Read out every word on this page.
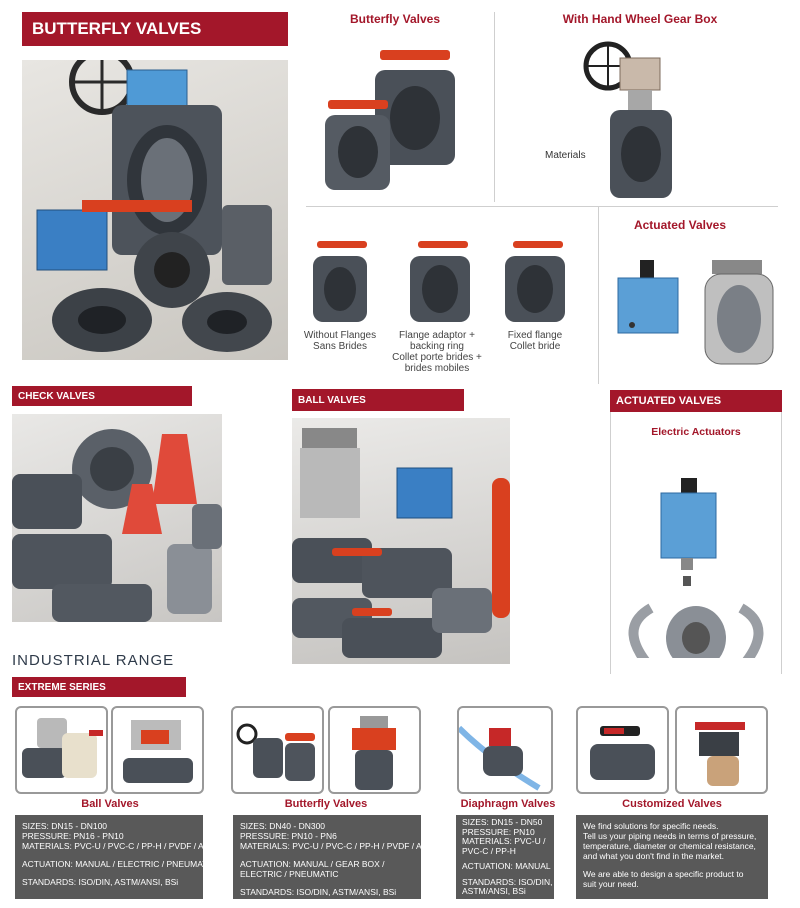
BUTTERFLY VALVES	Butterfly Valves	With Hand Wheel Gear Box
Materials
Without Flanges
Sans Brides
Flange adaptor +
backing ring
Collet porte brides +
brides mobiles
Fixed flange
Collet bride
Actuated Valves
CHECK VALVES	BALL VALVES	ACTUATED VALVES
Electric Actuators
INDUSTRIAL RANGE
EXTREME SERIES
Ball Valves
SIZES: DN15 - DN100
PRESSURE: PN16 - PN10
MATERIALS: PVC-U / PVC-C / PP-H / PVDF / ABS
ACTUATION: MANUAL / ELECTRIC / PNEUMATIC
STANDARDS: ISO/DIN, ASTM/ANSI, BSi
Butterfly Valves
SIZES: DN40 - DN300
PRESSURE: PN10 - PN6
MATERIALS: PVC-U / PVC-C / PP-H / PVDF / ABS
ACTUATION: MANUAL / GEAR BOX /
ELECTRIC / PNEUMATIC
STANDARDS: ISO/DIN, ASTM/ANSI, BSi
Diaphragm Valves
SIZES: DN15 - DN50
PRESSURE: PN10
MATERIALS: PVC-U /
PVC-C / PP-H
ACTUATION: MANUAL
STANDARDS: ISO/DIN,
ASTM/ANSI, BSi
Customized Valves
We find solutions for specific needs.
Tell us your piping needs in terms of pressure,
temperature, diameter or chemical resistance,
and what you don't find in the market.
We are able to design a specific product to
suit your need.
